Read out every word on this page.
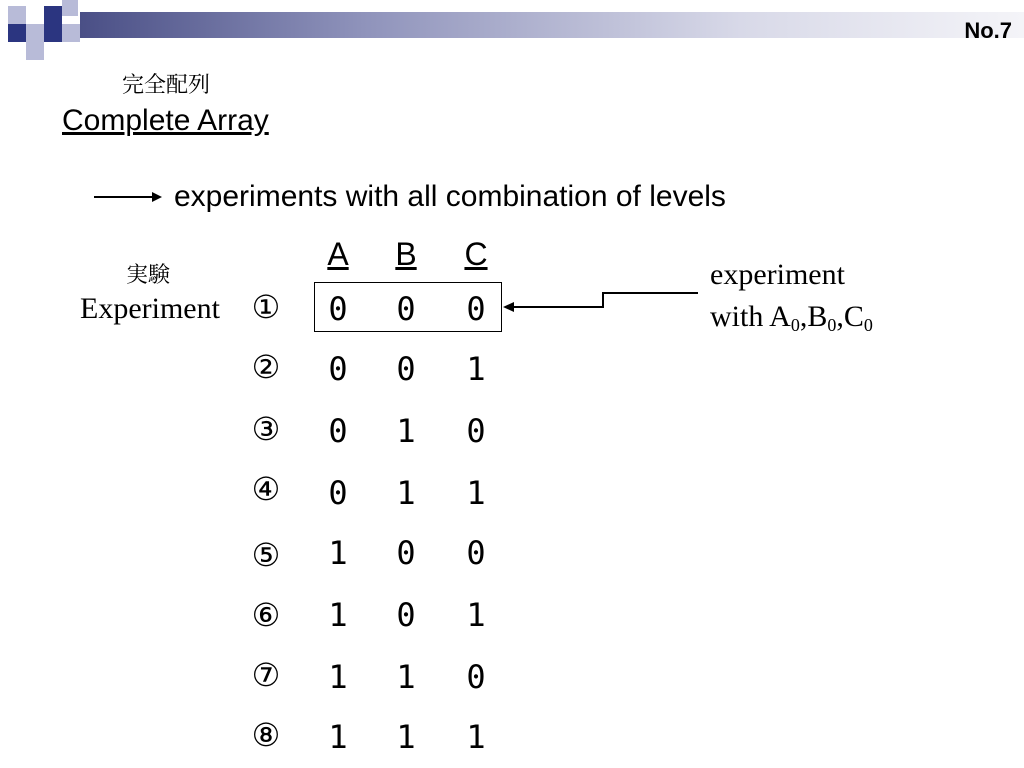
No.7
完全配列
Complete Array
experiments with all combination of levels
A B C
実験
Experiment ①	0	0	0
②	0	0	1
③	0	1	0
④	0	1	1
⑤	1	0	0
⑥	1	0	1
⑦	1	1	0
⑧	1	1	1
experiment
with $A_0,B_0,C_0$
